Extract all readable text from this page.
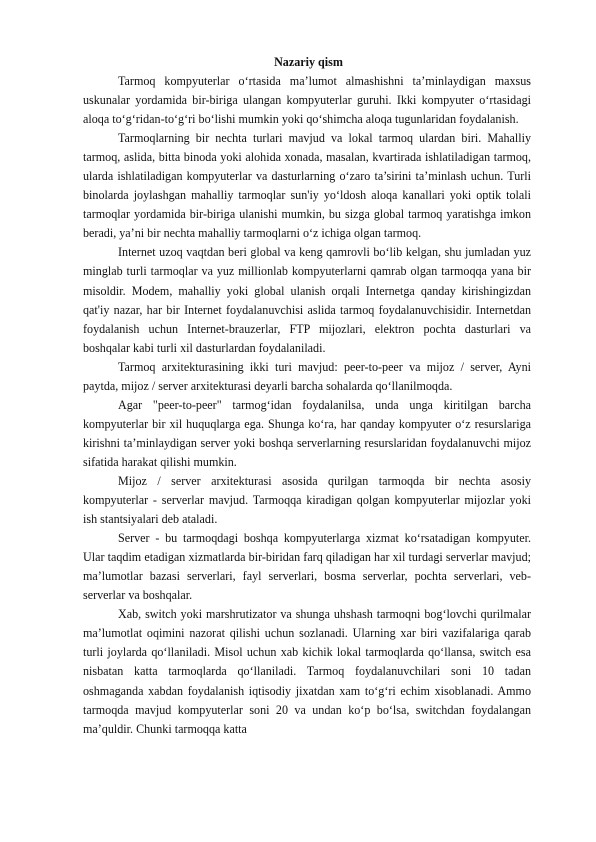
Nazariy qism

Tarmoq kompyuterlar o‘rtasida ma’lumot almashishni ta’minlaydigan maxsus uskunalar yordamida bir-biriga ulangan kompyuterlar guruhi. Ikki kompyuter o‘rtasidagi aloqa to‘g‘ridan-to‘g‘ri bo‘lishi mumkin yoki qo‘shimcha aloqa tugunlaridan foydalanish.

Tarmoqlarning bir nechta turlari mavjud va lokal tarmoq ulardan biri. Mahalliy tarmoq, aslida, bitta binoda yoki alohida xonada, masalan, kvartirada ishlatiladigan tarmoq, ularda ishlatiladigan kompyuterlar va dasturlarning o‘zaro ta’sirini ta’minlash uchun. Turli binolarda joylashgan mahalliy tarmoqlar sun'iy yo‘ldosh aloqa kanallari yoki optik tolali tarmoqlar yordamida bir-biriga ulanishi mumkin, bu sizga global tarmoq yaratishga imkon beradi, ya’ni bir nechta mahalliy tarmoqlarni o‘z ichiga olgan tarmoq.

Internet uzoq vaqtdan beri global va keng qamrovli bo‘lib kelgan, shu jumladan yuz minglab turli tarmoqlar va yuz millionlab kompyuterlarni qamrab olgan tarmoqqa yana bir misoldir. Modem, mahalliy yoki global ulanish orqali Internetga qanday kirishingizdan qat'iy nazar, har bir Internet foydalanuvchisi aslida tarmoq foydalanuvchisidir. Internetdan foydalanish uchun Internet-brauzerlar, FTP mijozlari, elektron pochta dasturlari va boshqalar kabi turli xil dasturlardan foydalaniladi.

Tarmoq arxitekturasining ikki turi mavjud: peer-to-peer va mijoz / server, Ayni paytda, mijoz / server arxitekturasi deyarli barcha sohalarda qo‘llanilmoqda.

Agar "peer-to-peer" tarmog‘idan foydalanilsa, unda unga kiritilgan barcha kompyuterlar bir xil huquqlarga ega. Shunga ko‘ra, har qanday kompyuter o‘z resurslariga kirishni ta’minlaydigan server yoki boshqa serverlarning resurslaridan foydalanuvchi mijoz sifatida harakat qilishi mumkin.

Mijoz / server arxitekturasi asosida qurilgan tarmoqda bir nechta asosiy kompyuterlar - serverlar mavjud. Tarmoqqa kiradigan qolgan kompyuterlar mijozlar yoki ish stantsiyalari deb ataladi.

Server - bu tarmoqdagi boshqa kompyuterlarga xizmat ko‘rsatadigan kompyuter. Ular taqdim etadigan xizmatlarda bir-biridan farq qiladigan har xil turdagi serverlar mavjud; ma’lumotlar bazasi serverlari, fayl serverlari, bosma serverlar, pochta serverlari, veb-serverlar va boshqalar.

Xab, switch yoki marshrutizator va shunga uhshash tarmoqni bog‘lovchi qurilmalar ma’lumotlat oqimini nazorat qilishi uchun sozlanadi. Ularning xar biri vazifalariga qarab turli joylarda qo‘llaniladi. Misol uchun xab kichik lokal tarmoqlarda qo‘llansa, switch esa nisbatan katta tarmoqlarda qo‘llaniladi. Tarmoq foydalanuvchilari soni 10 tadan oshmaganda xabdan foydalanish iqtisodiy jixatdan xam to‘g‘ri echim xisoblanadi. Ammo tarmoqda mavjud kompyuterlar soni 20 va undan ko‘p bo‘lsa, switchdan foydalangan ma’quldir. Chunki tarmoqqa katta
